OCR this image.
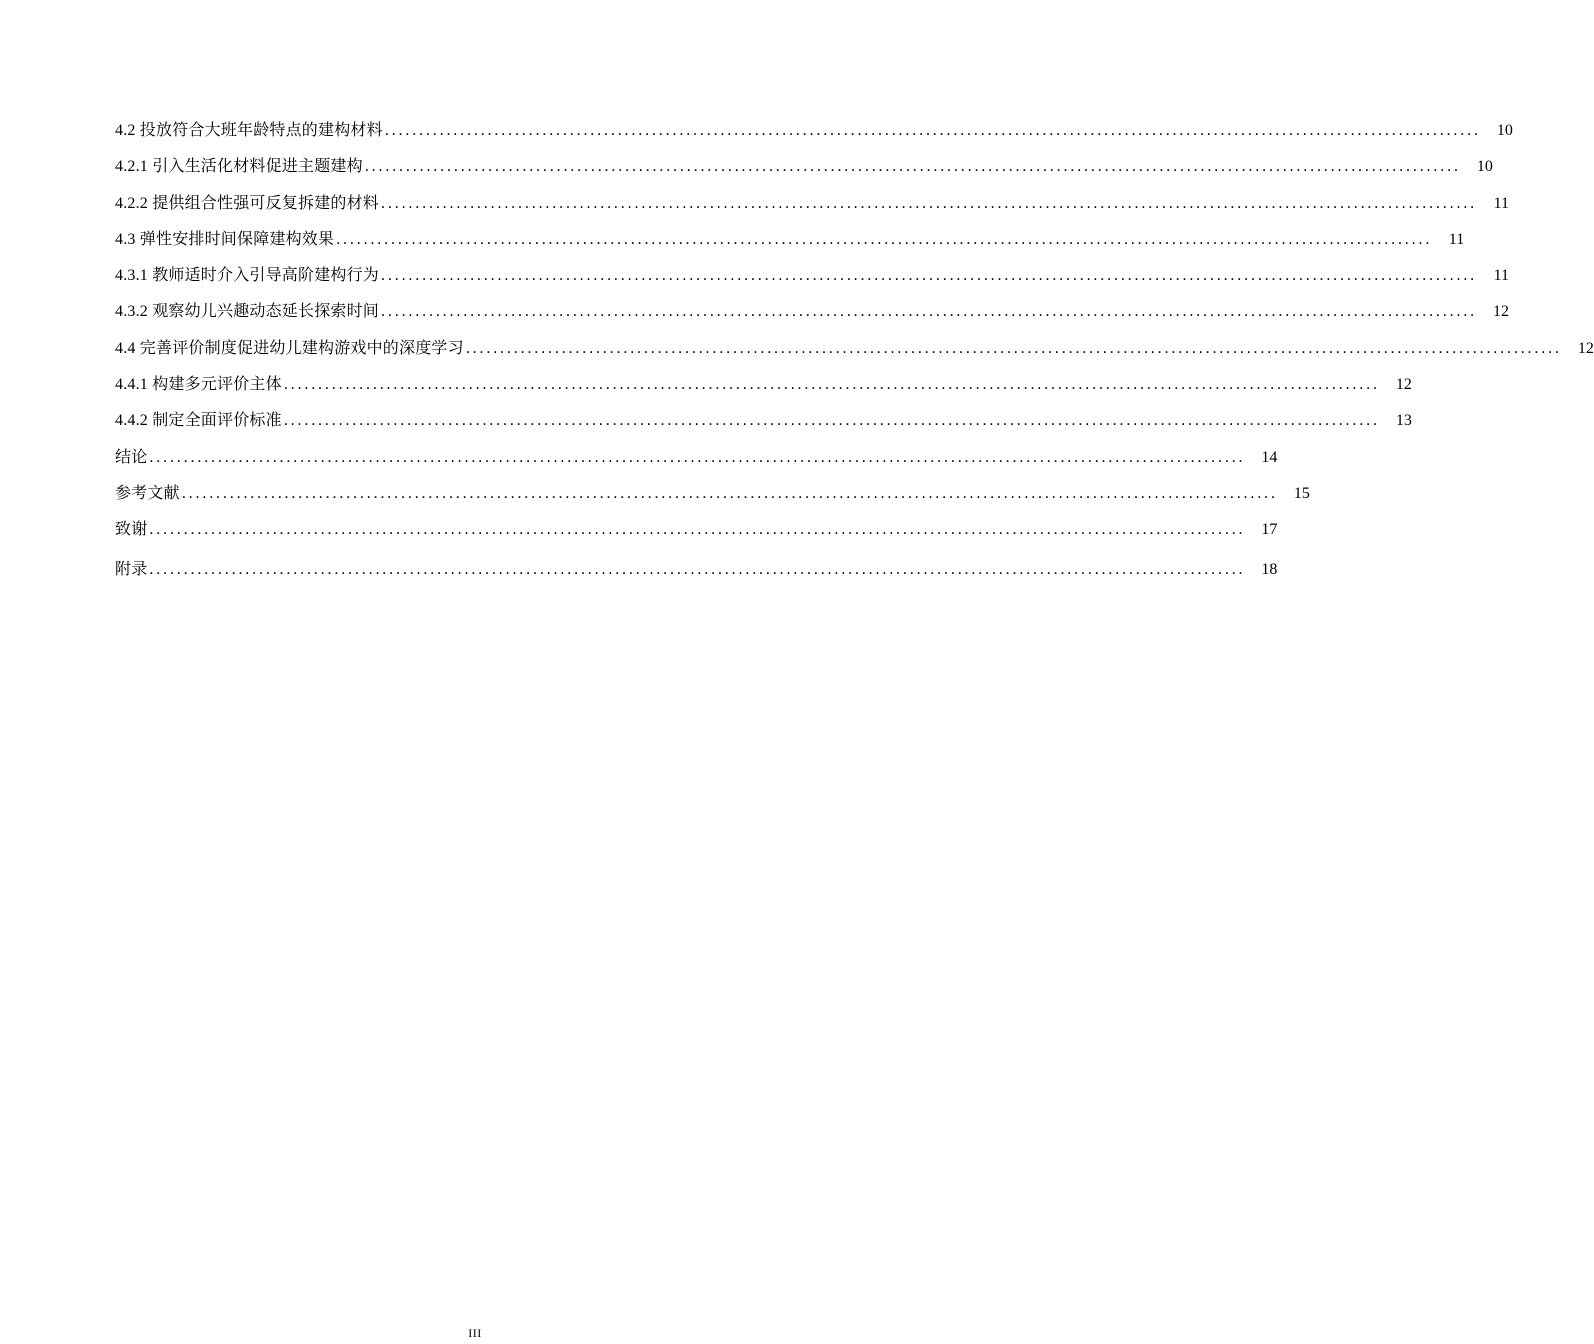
4.2 投放符合大班年龄特点的建构材料 ................................................................................................................................................................	10
4.2.1 引入生活化材料促进主题建构 ................................................................................................................................................................	10
4.2.2 提供组合性强可反复拆建的材料 ................................................................................................................................................................	11
4.3 弹性安排时间保障建构效果 ................................................................................................................................................................	11
4.3.1 教师适时介入引导高阶建构行为 ................................................................................................................................................................	11
4.3.2 观察幼儿兴趣动态延长探索时间 ................................................................................................................................................................	12
4.4 完善评价制度促进幼儿建构游戏中的深度学习 ................................................................................................................................................................	12
4.4.1 构建多元评价主体 ................................................................................................................................................................	12
4.4.2 制定全面评价标准 ................................................................................................................................................................	13
结论 ................................................................................................................................................................	14
参考文献 ................................................................................................................................................................	15
致谢 ................................................................................................................................................................	17
附录 ................................................................................................................................................................	18
III
